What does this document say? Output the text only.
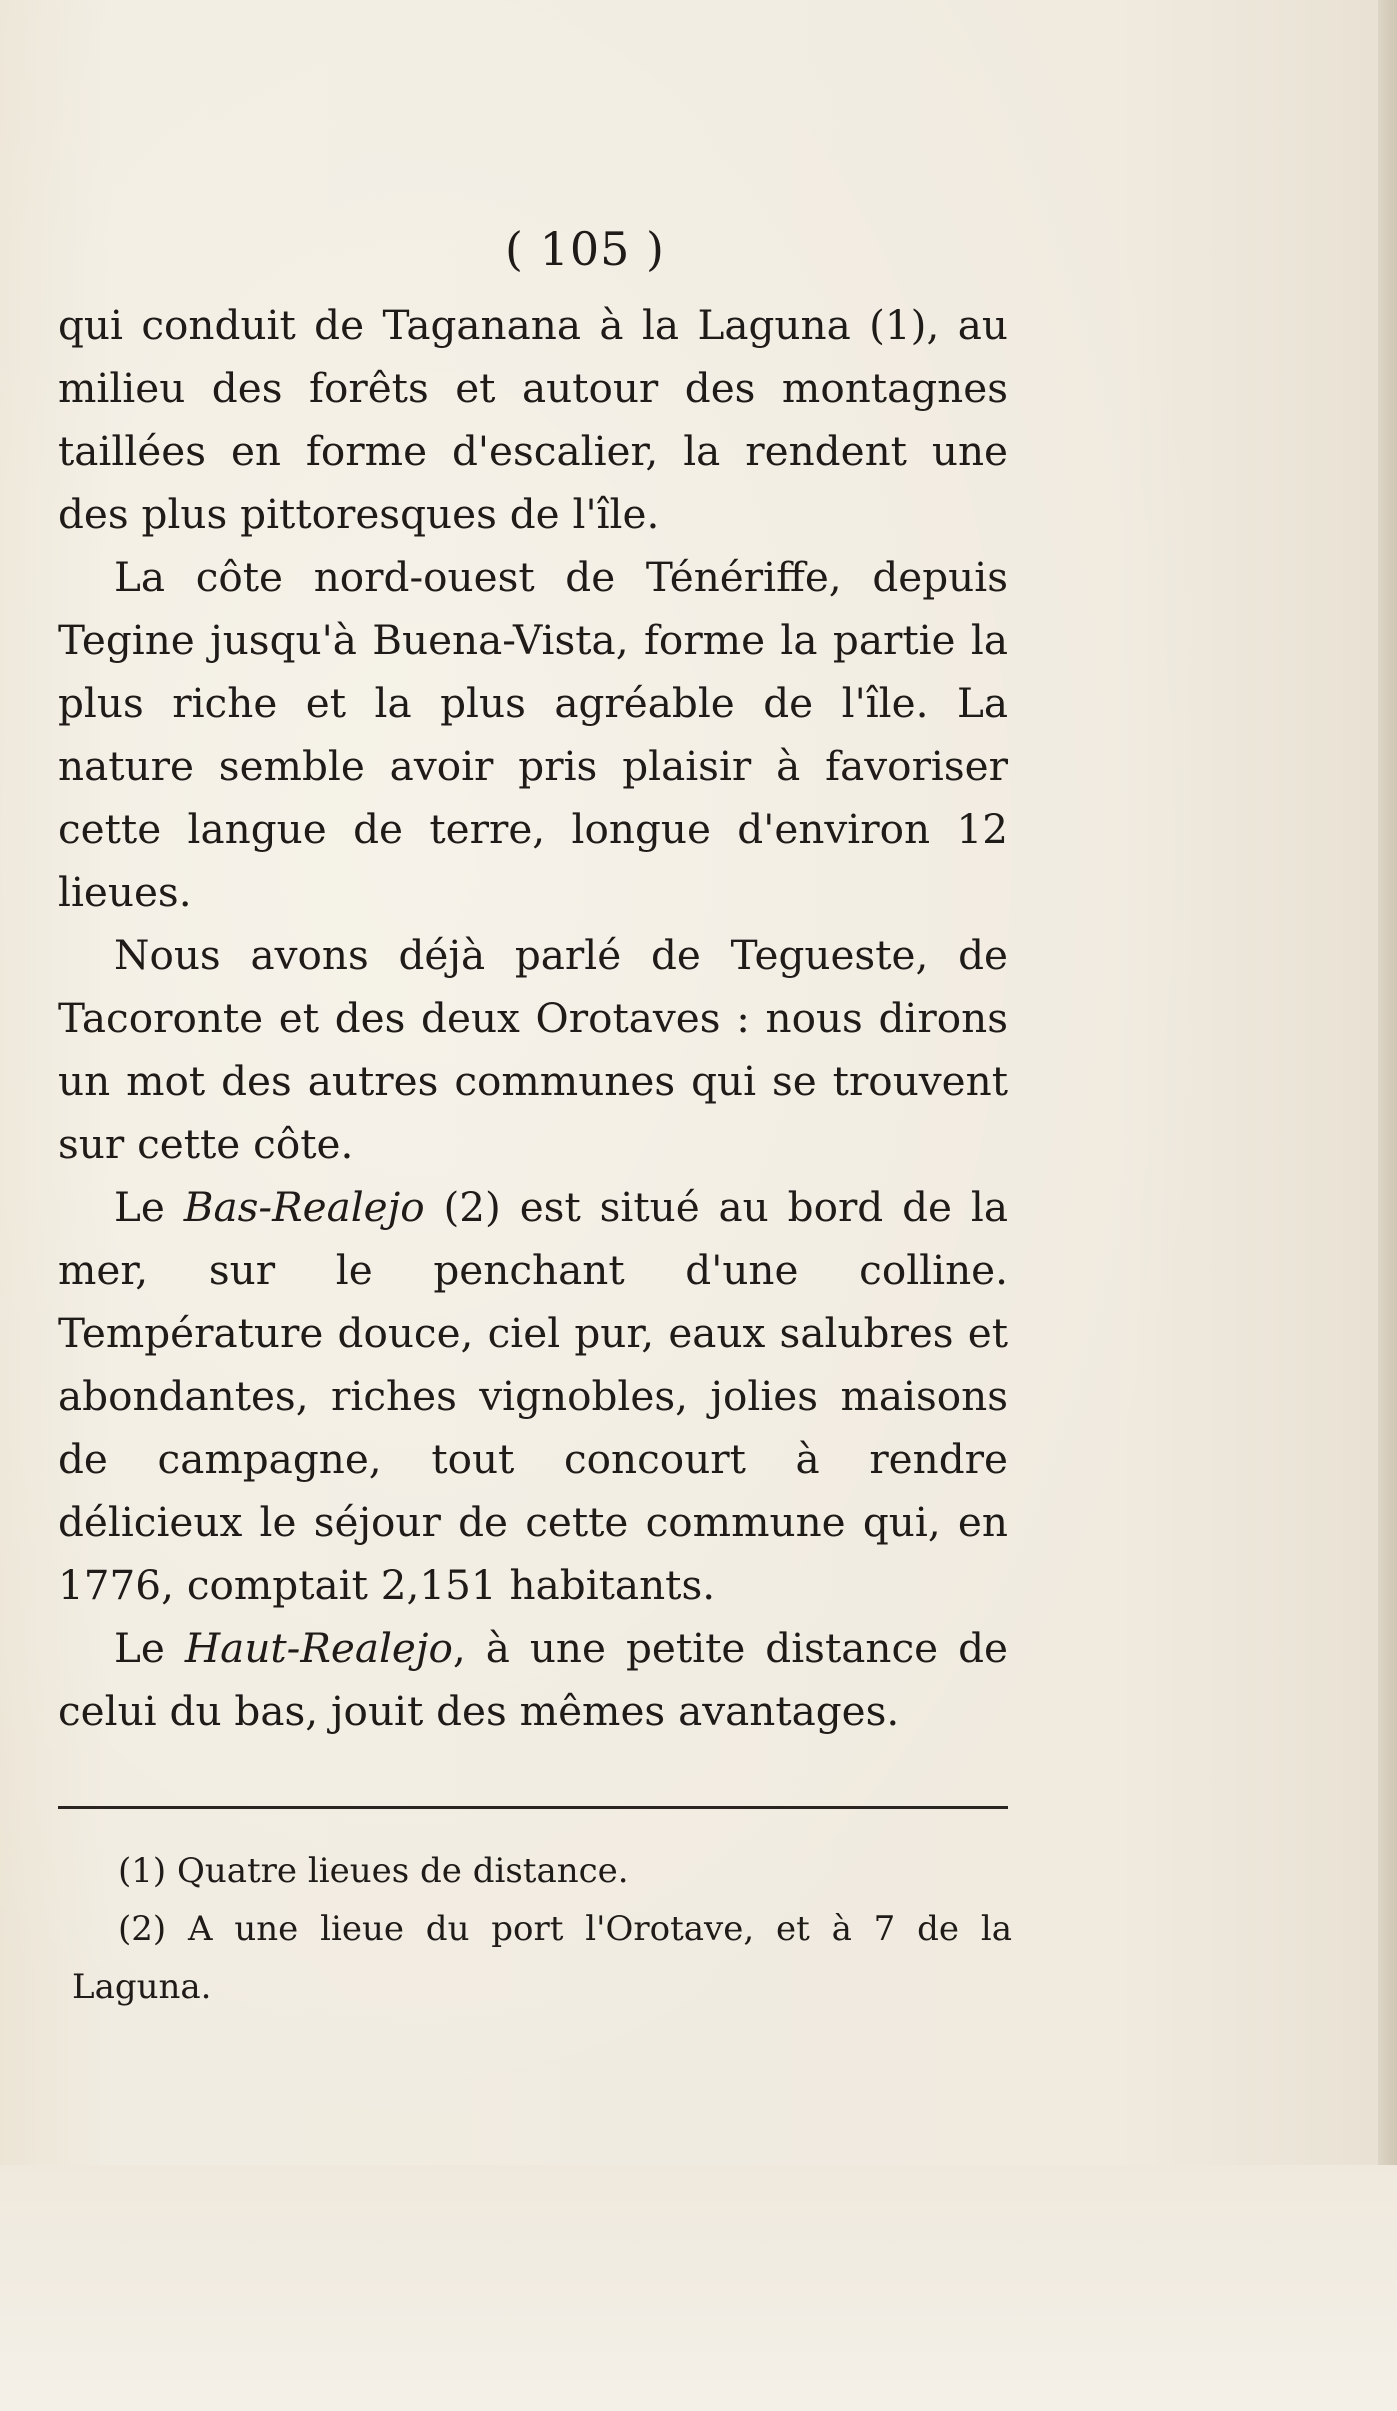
( 105 )

qui conduit de Taganana à la Laguna (1), au milieu des forêts et autour des montagnes taillées en forme d'escalier, la rendent une des plus pittoresques de l'île.

La côte nord-ouest de Ténériffe, depuis Tegine jusqu'à Buena-Vista, forme la partie la plus riche et la plus agréable de l'île. La nature semble avoir pris plaisir à favoriser cette langue de terre, longue d'environ 12 lieues.

Nous avons déjà parlé de Tegueste, de Tacoronte et des deux Orotaves : nous dirons un mot des autres communes qui se trouvent sur cette côte.

Le Bas-Realejo (2) est situé au bord de la mer, sur le penchant d'une colline. Température douce, ciel pur, eaux salubres et abondantes, riches vignobles, jolies maisons de campagne, tout concourt à rendre délicieux le séjour de cette commune qui, en 1776, comptait 2,151 habitants.

Le Haut-Realejo, à une petite distance de celui du bas, jouit des mêmes avantages.

(1) Quatre lieues de distance.

(2) A une lieue du port l'Orotave, et à 7 de la Laguna.
